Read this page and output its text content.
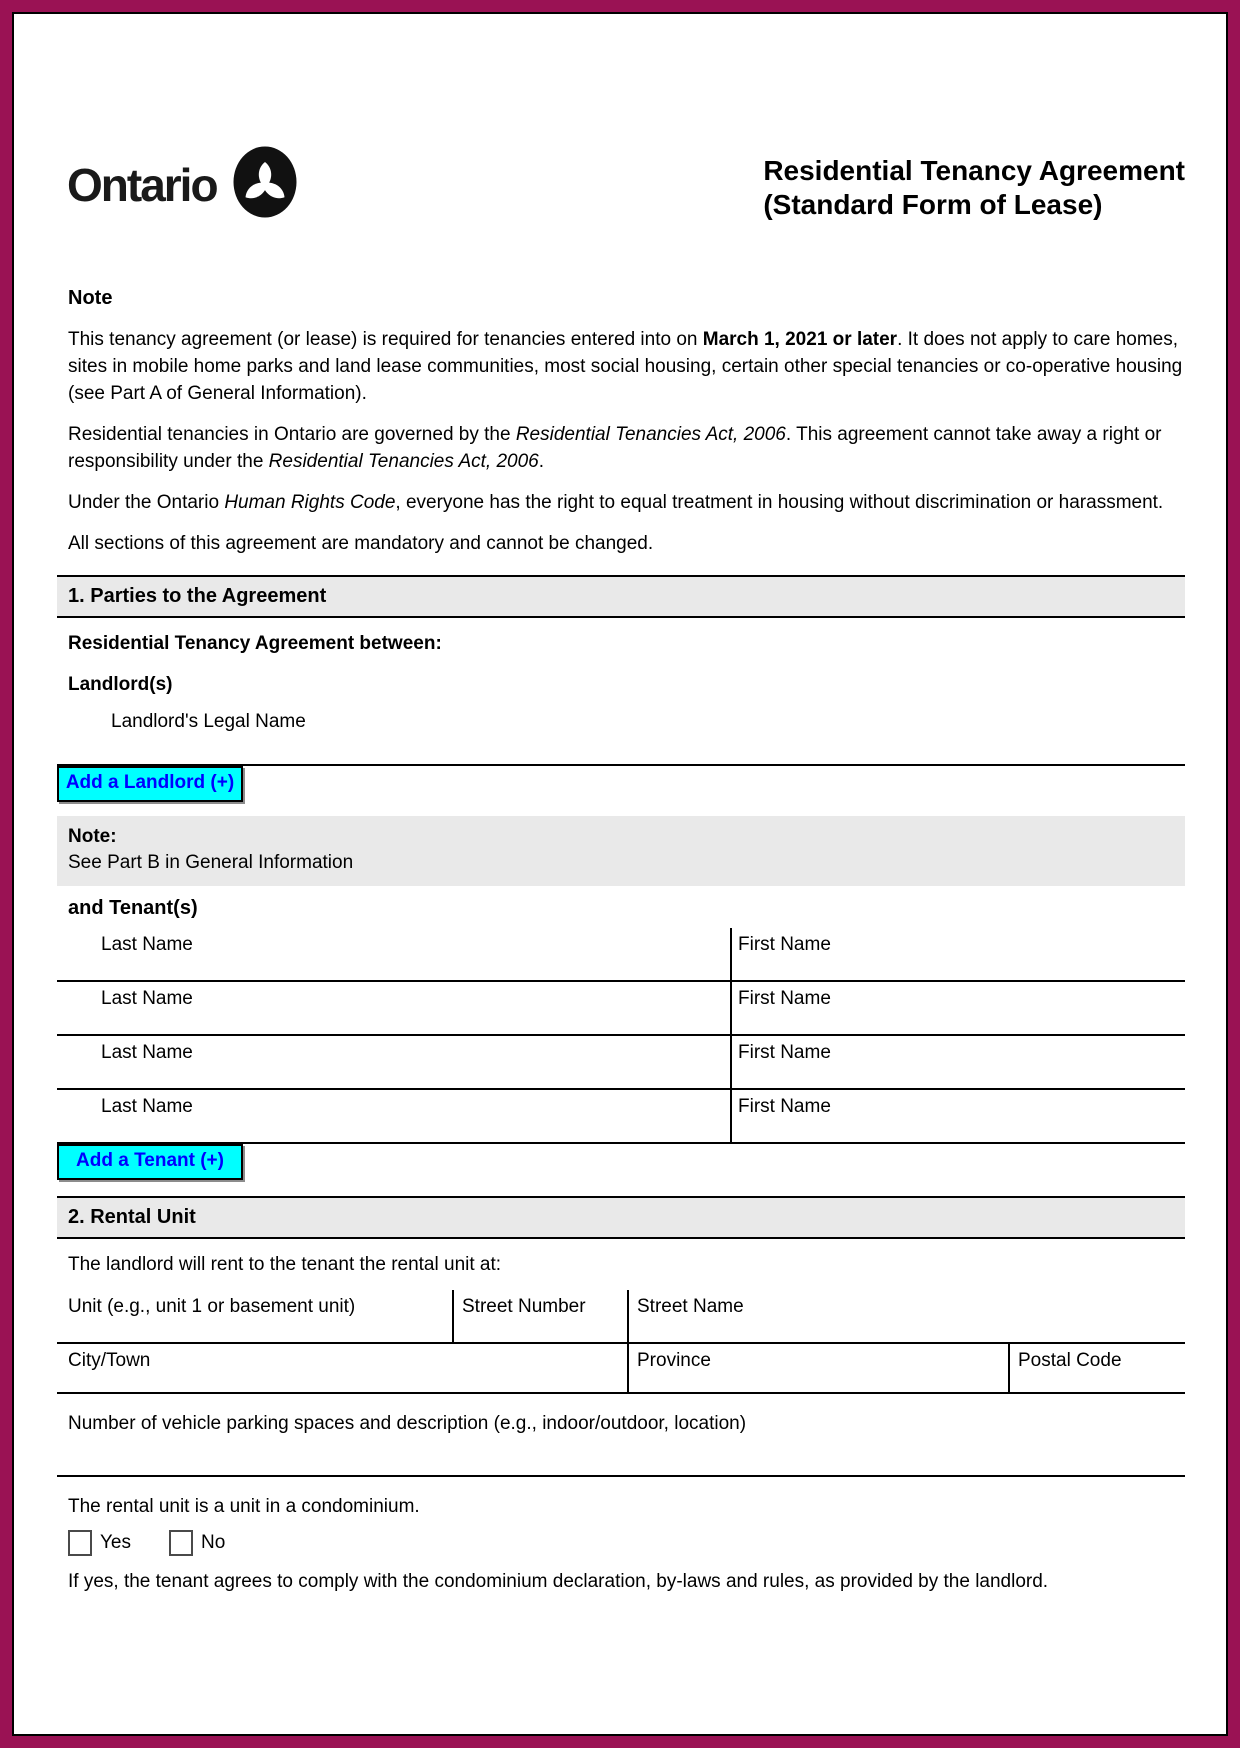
Ontario	Residential Tenancy Agreement
(Standard Form of Lease)
Note

This tenancy agreement (or lease) is required for tenancies entered into on March 1, 2021 or later. It does not apply to care homes, sites in mobile home parks and land lease communities, most social housing, certain other special tenancies or co-operative housing (see Part A of General Information).

Residential tenancies in Ontario are governed by the Residential Tenancies Act, 2006. This agreement cannot take away a right or responsibility under the Residential Tenancies Act, 2006.

Under the Ontario Human Rights Code, everyone has the right to equal treatment in housing without discrimination or harassment.

All sections of this agreement are mandatory and cannot be changed.

1. Parties to the Agreement
Residential Tenancy Agreement between:
Landlord(s)
Landlord's Legal Name
Add a Landlord (+)
Note:
See Part B in General Information
and Tenant(s)
Last Name	First Name
Last Name	First Name
Last Name	First Name
Last Name	First Name
Add a Tenant (+)
2. Rental Unit
The landlord will rent to the tenant the rental unit at:
Unit (e.g., unit 1 or basement unit)	Street Number	Street Name
City/Town	Province	Postal Code
Number of vehicle parking spaces and description (e.g., indoor/outdoor, location)
The rental unit is a unit in a condominium.
Yes	No
If yes, the tenant agrees to comply with the condominium declaration, by-laws and rules, as provided by the landlord.
